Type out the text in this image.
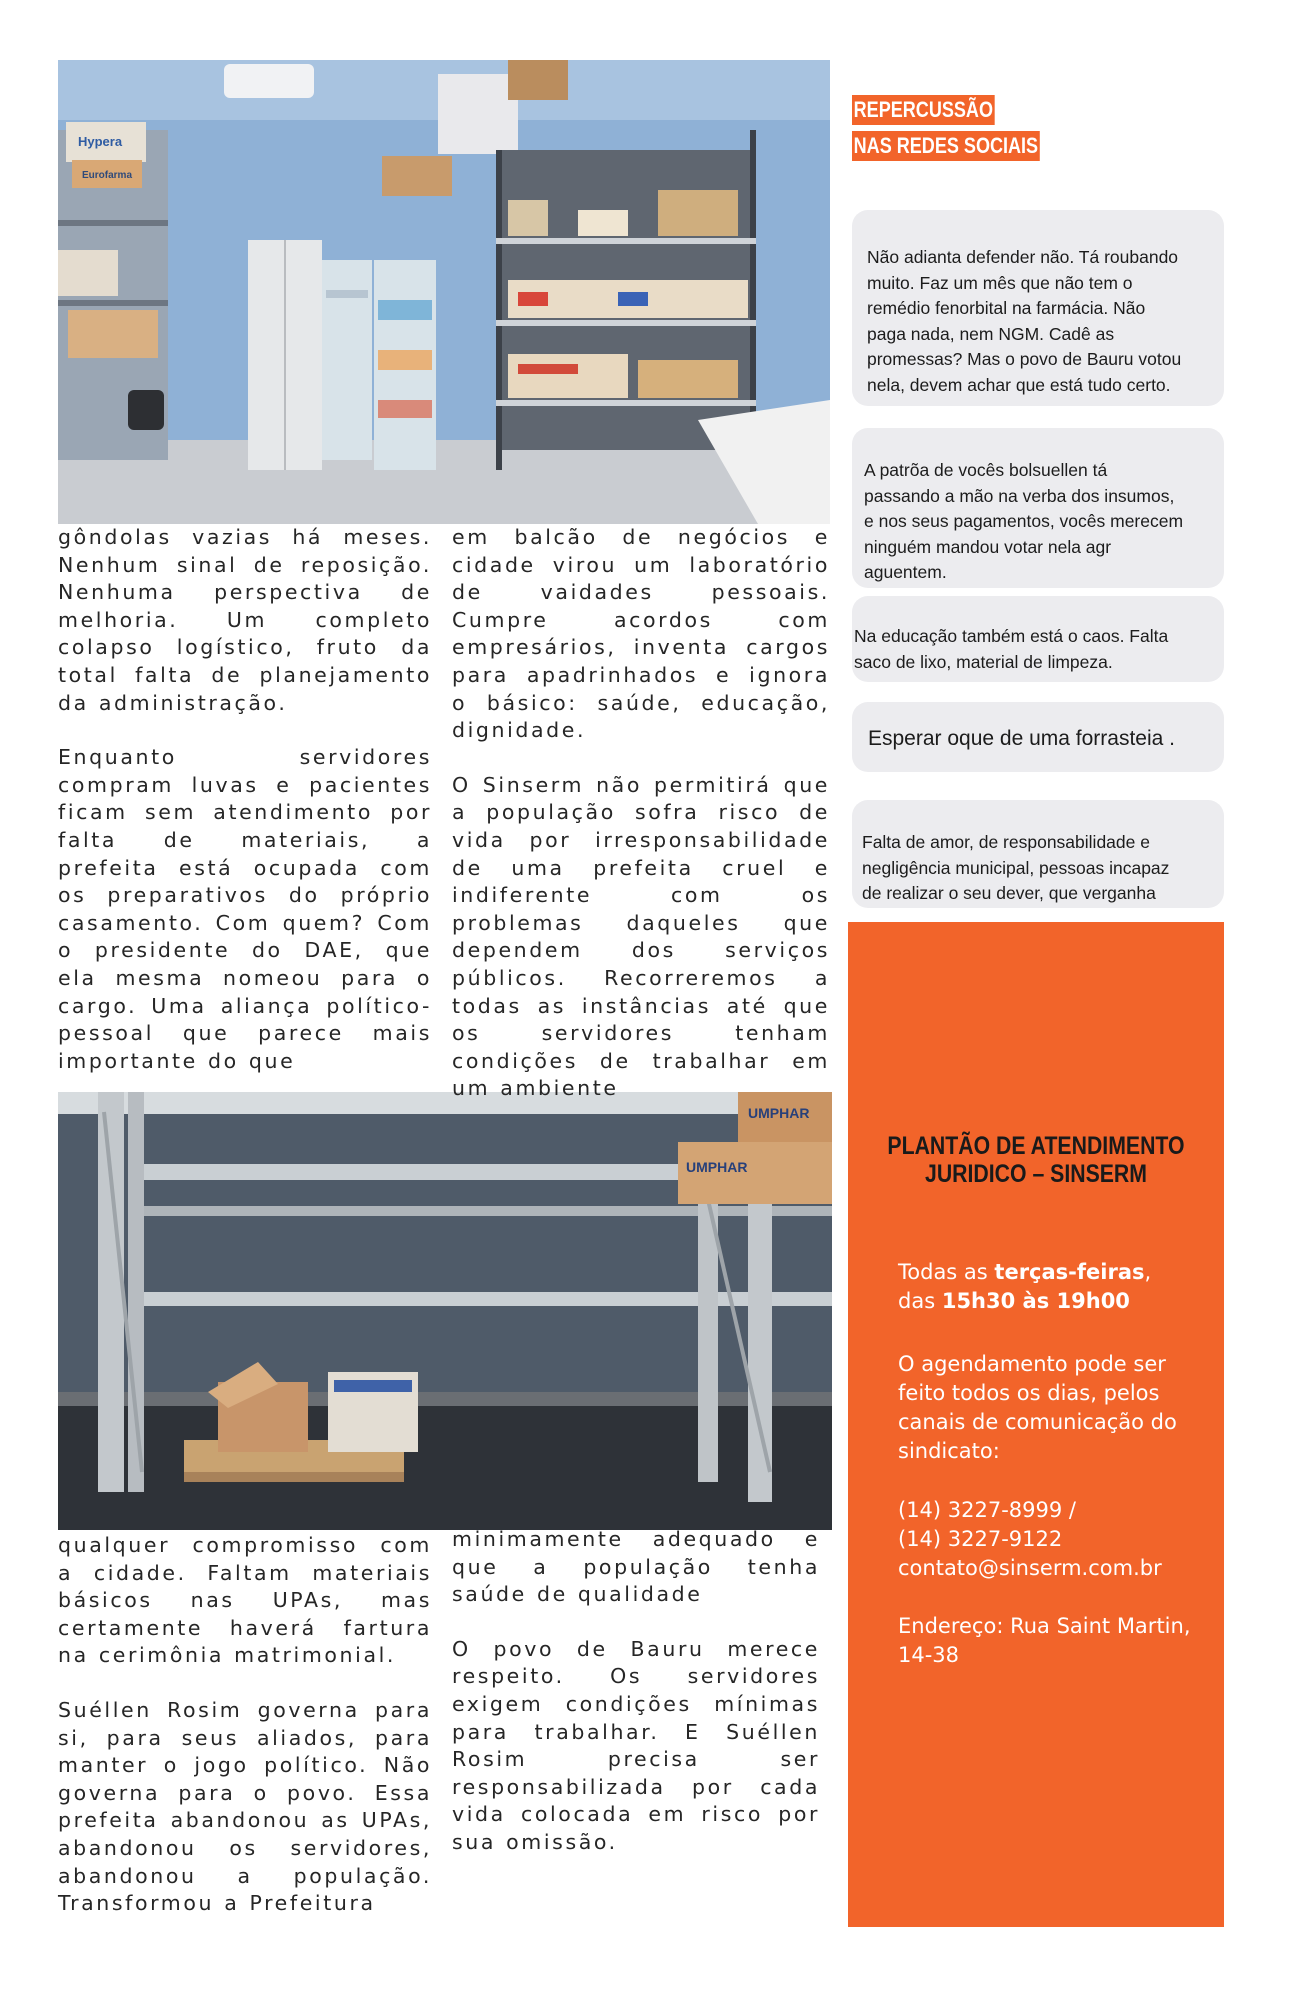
Hypera
Eurofarma
UMPHAR
UMPHAR

gôndolas vazias há meses. Nenhum sinal de reposição. Nenhuma perspectiva de melhoria. Um completo colapso logístico, fruto da total falta de planejamento da administração.

Enquanto servidores compram luvas e pacientes ficam sem atendimento por falta de materiais, a prefeita está ocupada com os preparativos do próprio casamento. Com quem? Com o presidente do DAE, que ela mesma nomeou para o cargo. Uma aliança político-pessoal que parece mais importante do que

em balcão de negócios e cidade virou um laboratório de vaidades pessoais. Cumpre acordos com empresários, inventa cargos para apadrinhados e ignora o básico: saúde, educação, dignidade.

O Sinserm não permitirá que a população sofra risco de vida por irresponsabilidade de uma prefeita cruel e indiferente com os problemas daqueles que dependem dos serviços públicos. Recorreremos a todas as instâncias até que os servidores tenham condições de trabalhar em um ambiente

qualquer compromisso com a cidade. Faltam materiais básicos nas UPAs, mas certamente haverá fartura na cerimônia matrimonial.

Suéllen Rosim governa para si, para seus aliados, para manter o jogo político. Não governa para o povo. Essa prefeita abandonou as UPAs, abandonou os servidores, abandonou a população. Transformou a Prefeitura

minimamente adequado e que a população tenha saúde de qualidade

O povo de Bauru merece respeito. Os servidores exigem condições mínimas para trabalhar. E Suéllen Rosim precisa ser responsabilizada por cada vida colocada em risco por sua omissão.

REPERCUSSÃO
NAS REDES SOCIAIS
Não adianta defender não. Tá roubando
muito. Faz um mês que não tem o
remédio fenorbital na farmácia. Não
paga nada, nem NGM. Cadê as
promessas? Mas o povo de Bauru votou
nela, devem achar que está tudo certo.
A patrõa de vocês bolsuellen tá
passando a mão na verba dos insumos,
e nos seus pagamentos, vocês merecem
ninguém mandou votar nela agr
aguentem.
Na educação também está o caos. Falta
saco de lixo, material de limpeza.
Esperar oque de uma forrasteia .
Falta de amor, de responsabilidade e
negligência municipal, pessoas incapaz
de realizar o seu dever, que verganha
PLANTÃO DE ATENDIMENTO
JURIDICO – SINSERM
Todas as terças-feiras,
das 15h30 às 19h00
O agendamento pode ser feito todos os dias, pelos canais de comunicação do sindicato:
(14) 3227-8999 /
(14) 3227-9122
contato@sinserm.com.br
Endereço: Rua Saint Martin, 14-38
